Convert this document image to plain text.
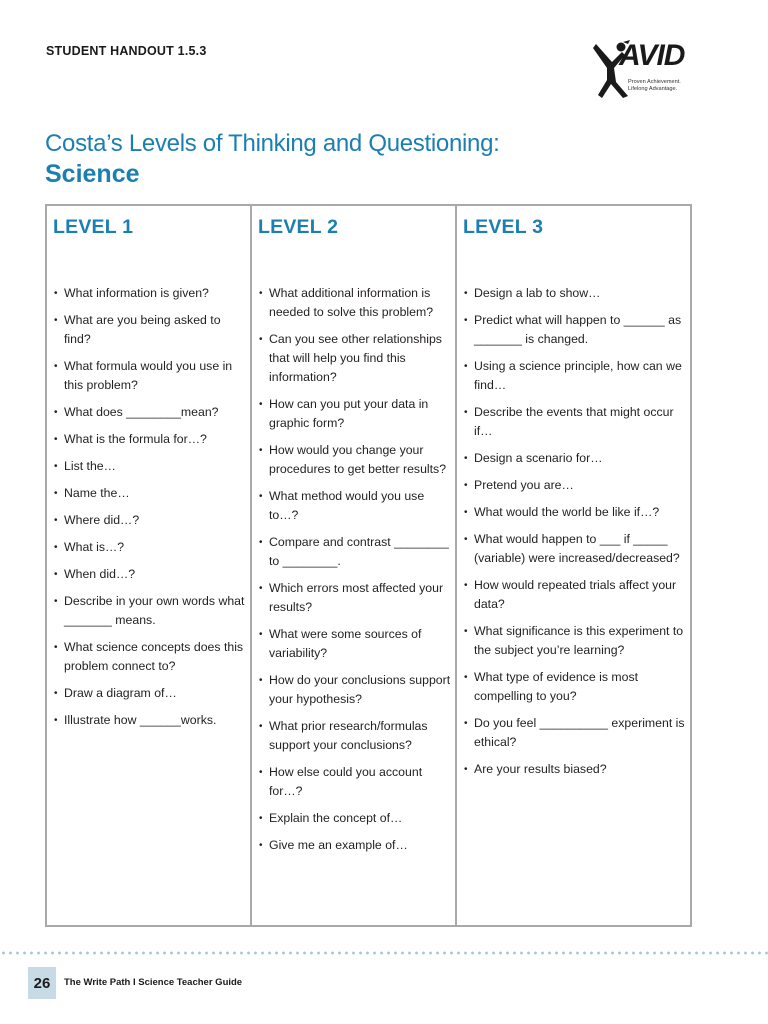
STUDENT HANDOUT 1.5.3	AVID
Proven Achievement.
Lifelong Advantage.
Costa’s Levels of Thinking and Questioning:
Science
LEVEL 1
• What information is given?
• What are you being asked to find?
• What formula would you use in this problem?
• What does ________mean?
• What is the formula for…?
• List the…
• Name the…
• Where did…?
• What is…?
• When did…?
• Describe in your own words what _______ means.
• What science concepts does this problem connect to?
• Draw a diagram of…
• Illustrate how ______works.
LEVEL 2
• What additional information is needed to solve this problem?
• Can you see other relationships that will help you find this information?
• How can you put your data in graphic form?
• How would you change your procedures to get better results?
• What method would you use to…?
• Compare and contrast ________ to ________.
• Which errors most affected your results?
• What were some sources of variability?
• How do your conclusions support your hypothesis?
• What prior research/formulas support your conclusions?
• How else could you account for…?
• Explain the concept of…
• Give me an example of…
LEVEL 3
• Design a lab to show…
• Predict what will happen to ______ as _______ is changed.
• Using a science principle, how can we find…
• Describe the events that might occur if…
• Design a scenario for…
• Pretend you are…
• What would the world be like if…?
• What would happen to ___ if _____ (variable) were increased/decreased?
• How would repeated trials affect your data?
• What significance is this experiment to the subject you’re learning?
• What type of evidence is most compelling to you?
• Do you feel __________ experiment is ethical?
• Are your results biased?
26	The Write Path I Science Teacher Guide
